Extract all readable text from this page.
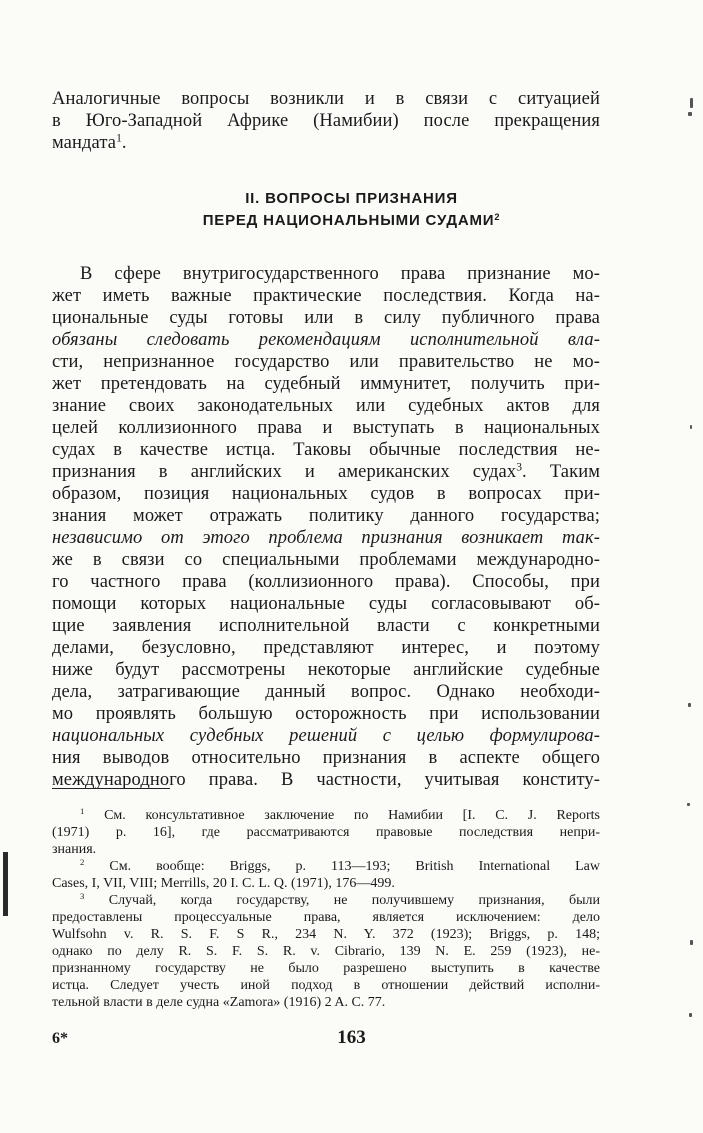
Аналогичные вопросы возникли и в связи с ситуацией
в Юго-Западной Африке (Намибии) после прекращения
мандата$^1$.
II. ВОПРОСЫ ПРИЗНАНИЯ
ПЕРЕД НАЦИОНАЛЬНЫМИ СУДАМИ$^2$
В сфере внутригосударственного права признание мо-
жет иметь важные практические последствия. Когда на-
циональные суды готовы или в силу публичного права
обязаны следовать рекомендациям исполнительной вла-
сти, непризнанное государство или правительство не мо-
жет претендовать на судебный иммунитет, получить при-
знание своих законодательных или судебных актов для
целей коллизионного права и выступать в национальных
судах в качестве истца. Таковы обычные последствия не-
признания в английских и американских судах$^3$. Таким
образом, позиция национальных судов в вопросах при-
знания может отражать политику данного государства;
независимо от этого проблема признания возникает так-
же в связи со специальными проблемами международно-
го частного права (коллизионного права). Способы, при
помощи которых национальные суды согласовывают об-
щие заявления исполнительной власти с конкретными
делами, безусловно, представляют интерес, и поэтому
ниже будут рассмотрены некоторые английские судебные
дела, затрагивающие данный вопрос. Однако необходи-
мо проявлять большую осторожность при использовании
национальных судебных решений с целью формулирова-
ния выводов относительно признания в аспекте общего
международного права. В частности, учитывая конститу-
$^1$ См. консультативное заключение по Намибии [I. C. J. Reports
(1971) p. 16], где рассматриваются правовые последствия непри-
знания.
$^2$ См. вообще: Briggs, p. 113—193; British International Law
Cases, I, VII, VIII; Merrills, 20 I. C. L. Q. (1971), 176—499.
$^3$ Случай, когда государству, не получившему признания, были
предоставлены процессуальные права, является исключением: дело
Wulfsohn v. R. S. F. S R., 234 N. Y. 372 (1923); Briggs, p. 148;
однако по делу R. S. F. S. R. v. Cibrario, 139 N. E. 259 (1923), не-
признанному государству не было разрешено выступить в качестве
истца. Следует учесть иной подход в отношении действий исполни-
тельной власти в деле судна «Zamora» (1916) 2 A. C. 77.
6*	163
